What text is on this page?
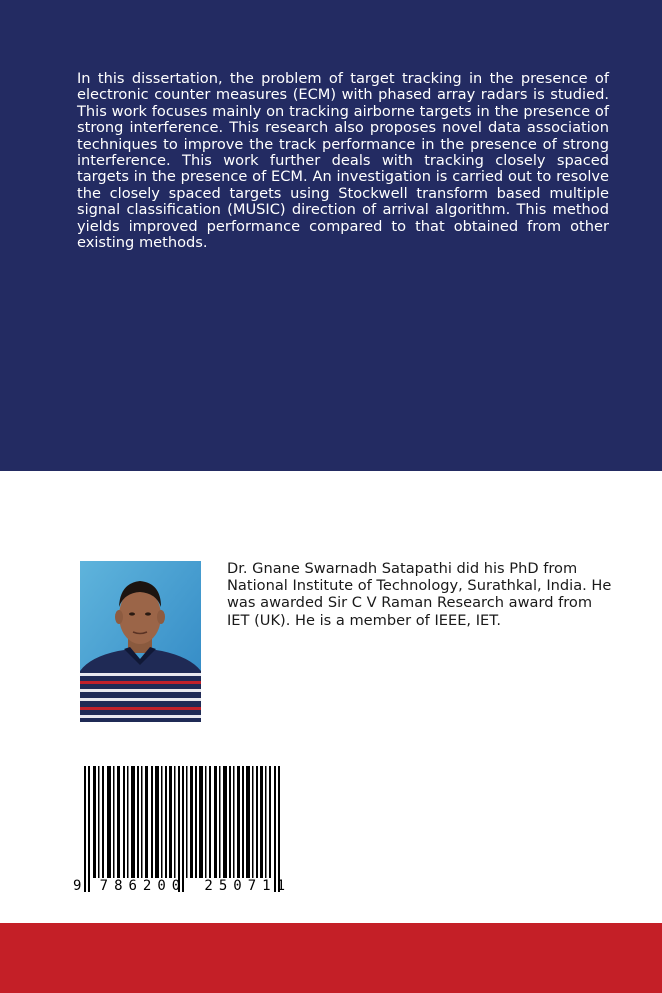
In this dissertation, the problem of target tracking in the presence of electronic counter measures (ECM) with phased array radars is studied. This work focuses mainly on tracking airborne targets in the presence of strong interference. This research also proposes novel data association techniques to improve the track performance in the presence of strong interference. This work further deals with tracking closely spaced targets in the presence of ECM. An investigation is carried out to resolve the closely spaced targets using Stockwell transform based multiple signal classification (MUSIC) direction of arrival algorithm. This method yields improved performance compared to that obtained from other existing methods.

Dr. Gnane Swarnadh Satapathi did his PhD from National Institute of Technology, Surathkal, India. He was awarded Sir C V Raman Research award from IET (UK). He is a member of IEEE, IET.

9 786200 250711
